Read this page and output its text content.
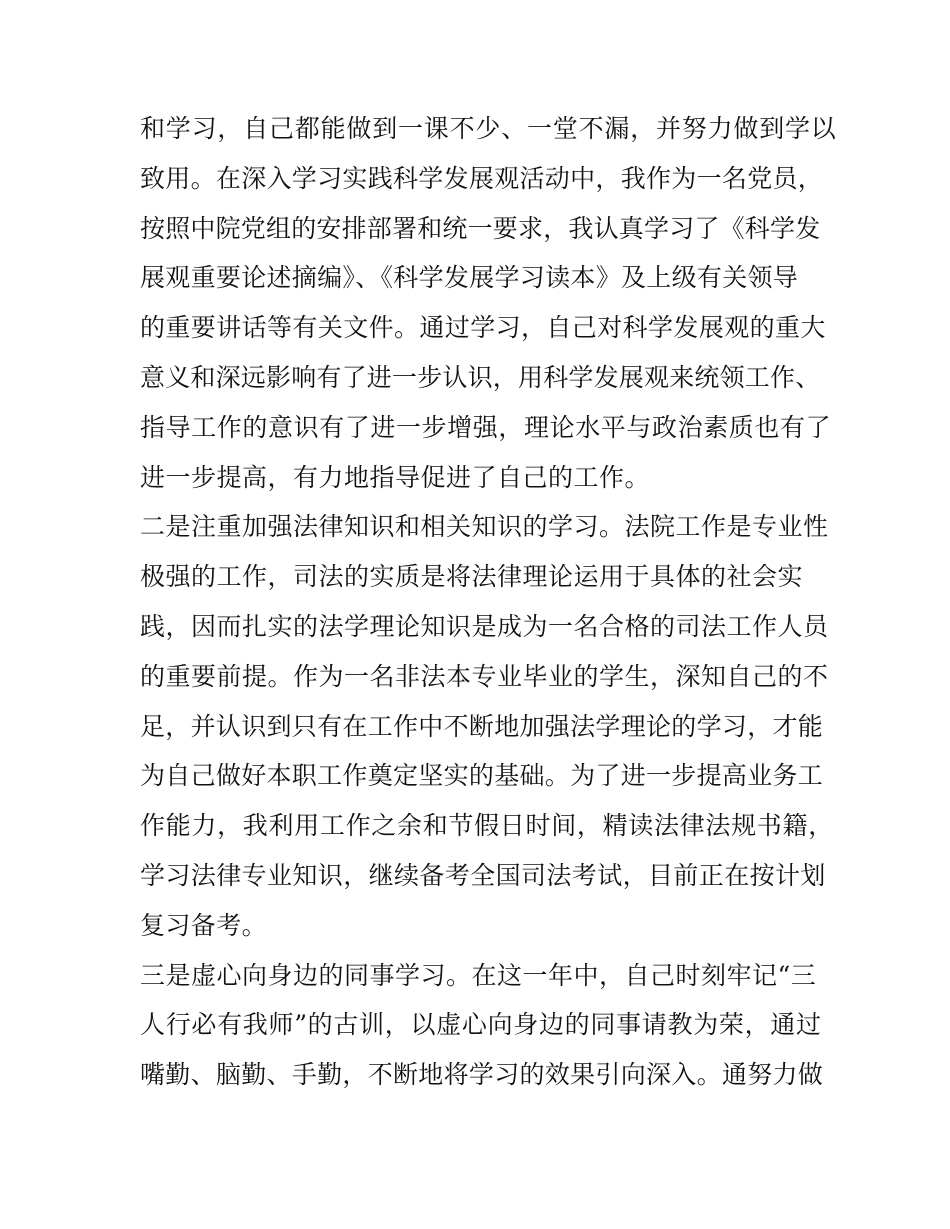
和学习，自己都能做到一课不少、一堂不漏，并努力做到学以
致用。在深入学习实践科学发展观活动中，我作为一名党员，
按照中院党组的安排部署和统一要求，我认真学习了《科学发
展观重要论述摘编》、《科学发展学习读本》及上级有关领导
的重要讲话等有关文件。通过学习，自己对科学发展观的重大
意义和深远影响有了进一步认识，用科学发展观来统领工作、
指导工作的意识有了进一步增强，理论水平与政治素质也有了
进一步提高，有力地指导促进了自己的工作。
二是注重加强法律知识和相关知识的学习。法院工作是专业性
极强的工作，司法的实质是将法律理论运用于具体的社会实
践，因而扎实的法学理论知识是成为一名合格的司法工作人员
的重要前提。作为一名非法本专业毕业的学生，深知自己的不
足，并认识到只有在工作中不断地加强法学理论的学习，才能
为自己做好本职工作奠定坚实的基础。为了进一步提高业务工
作能力，我利用工作之余和节假日时间，精读法律法规书籍，
学习法律专业知识，继续备考全国司法考试，目前正在按计划
复习备考。
三是虚心向身边的同事学习。在这一年中，自己时刻牢记“三
人行必有我师”的古训，以虚心向身边的同事请教为荣，通过
嘴勤、脑勤、手勤，不断地将学习的效果引向深入。通努力做
